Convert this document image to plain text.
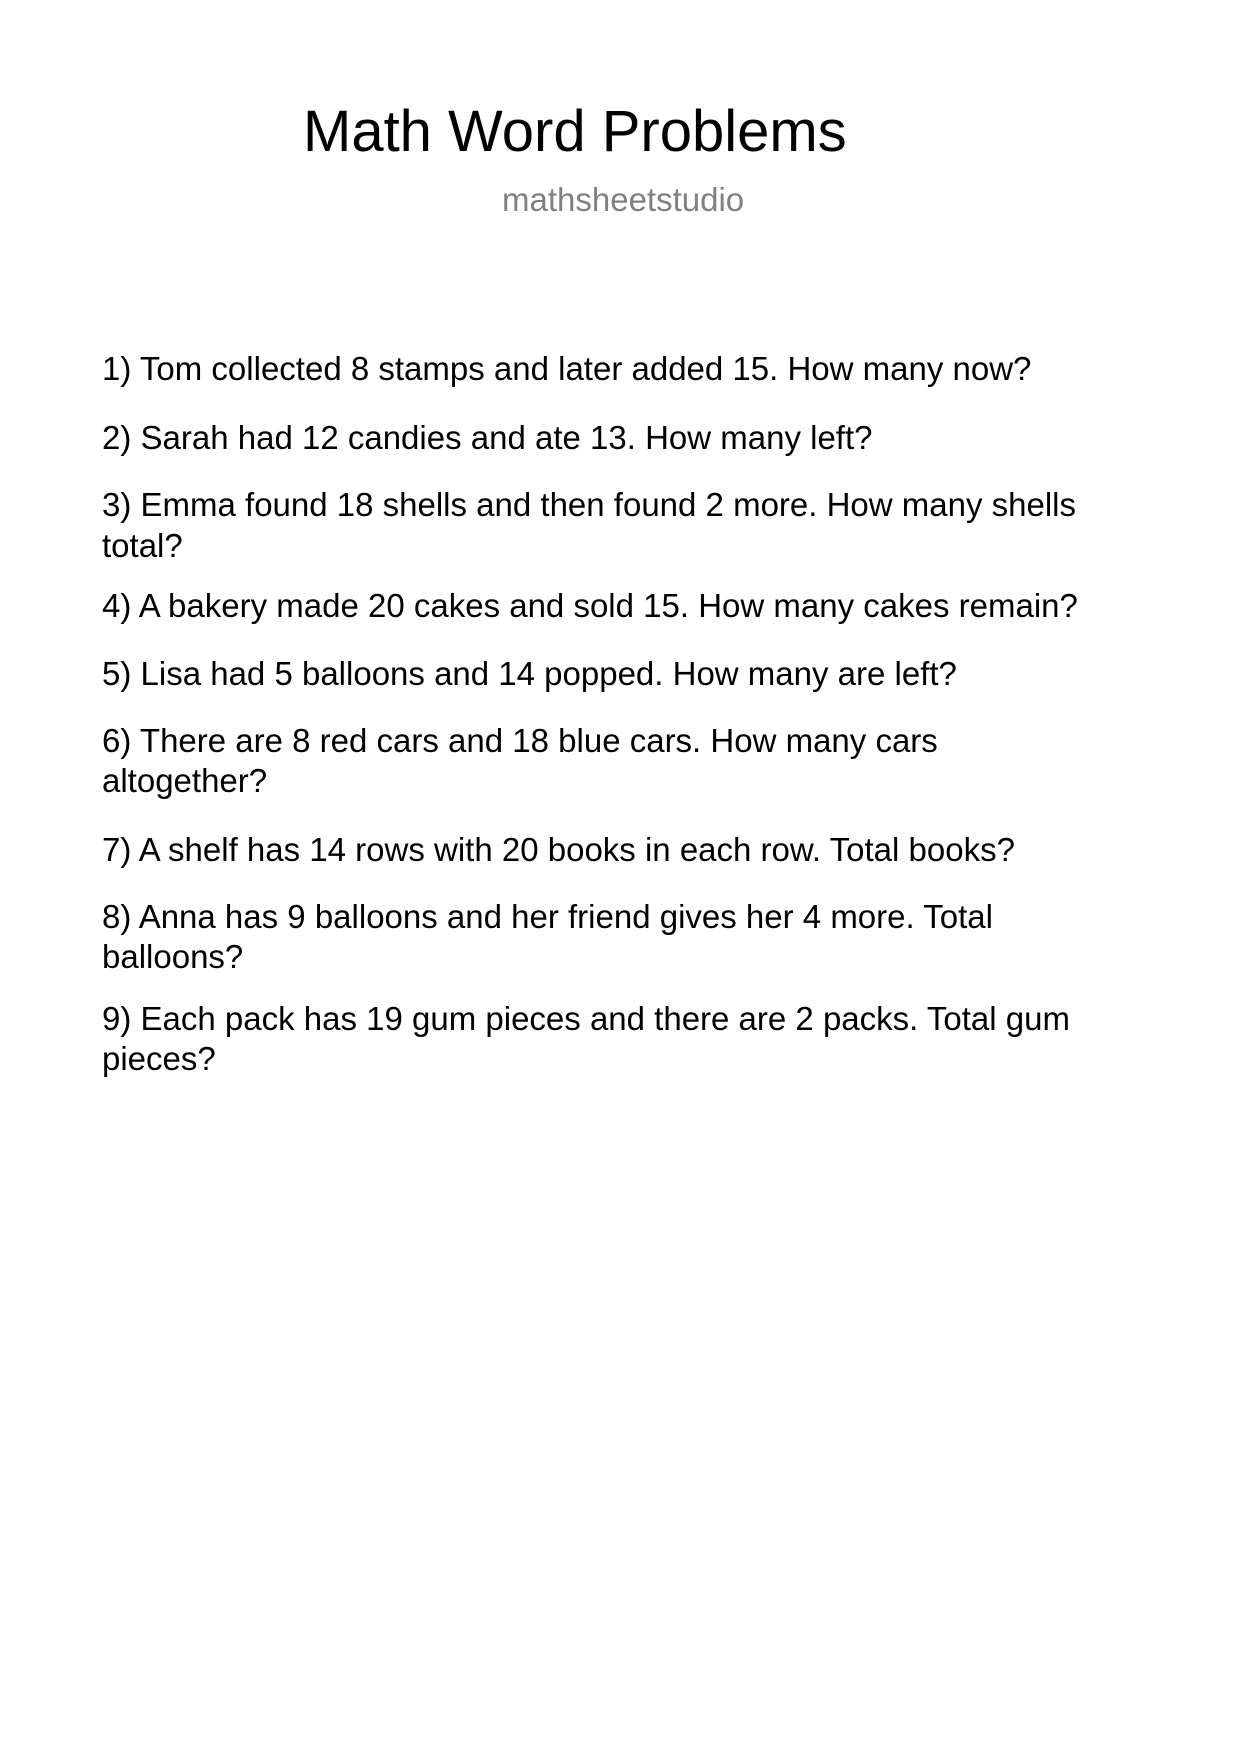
Math Word Problems
mathsheetstudio
1) Tom collected 8 stamps and later added 15. How many now?
2) Sarah had 12 candies and ate 13. How many left?
3) Emma found 18 shells and then found 2 more. How many shells
total?
4) A bakery made 20 cakes and sold 15. How many cakes remain?
5) Lisa had 5 balloons and 14 popped. How many are left?
6) There are 8 red cars and 18 blue cars. How many cars
altogether?
7) A shelf has 14 rows with 20 books in each row. Total books?
8) Anna has 9 balloons and her friend gives her 4 more. Total
balloons?
9) Each pack has 19 gum pieces and there are 2 packs. Total gum
pieces?
